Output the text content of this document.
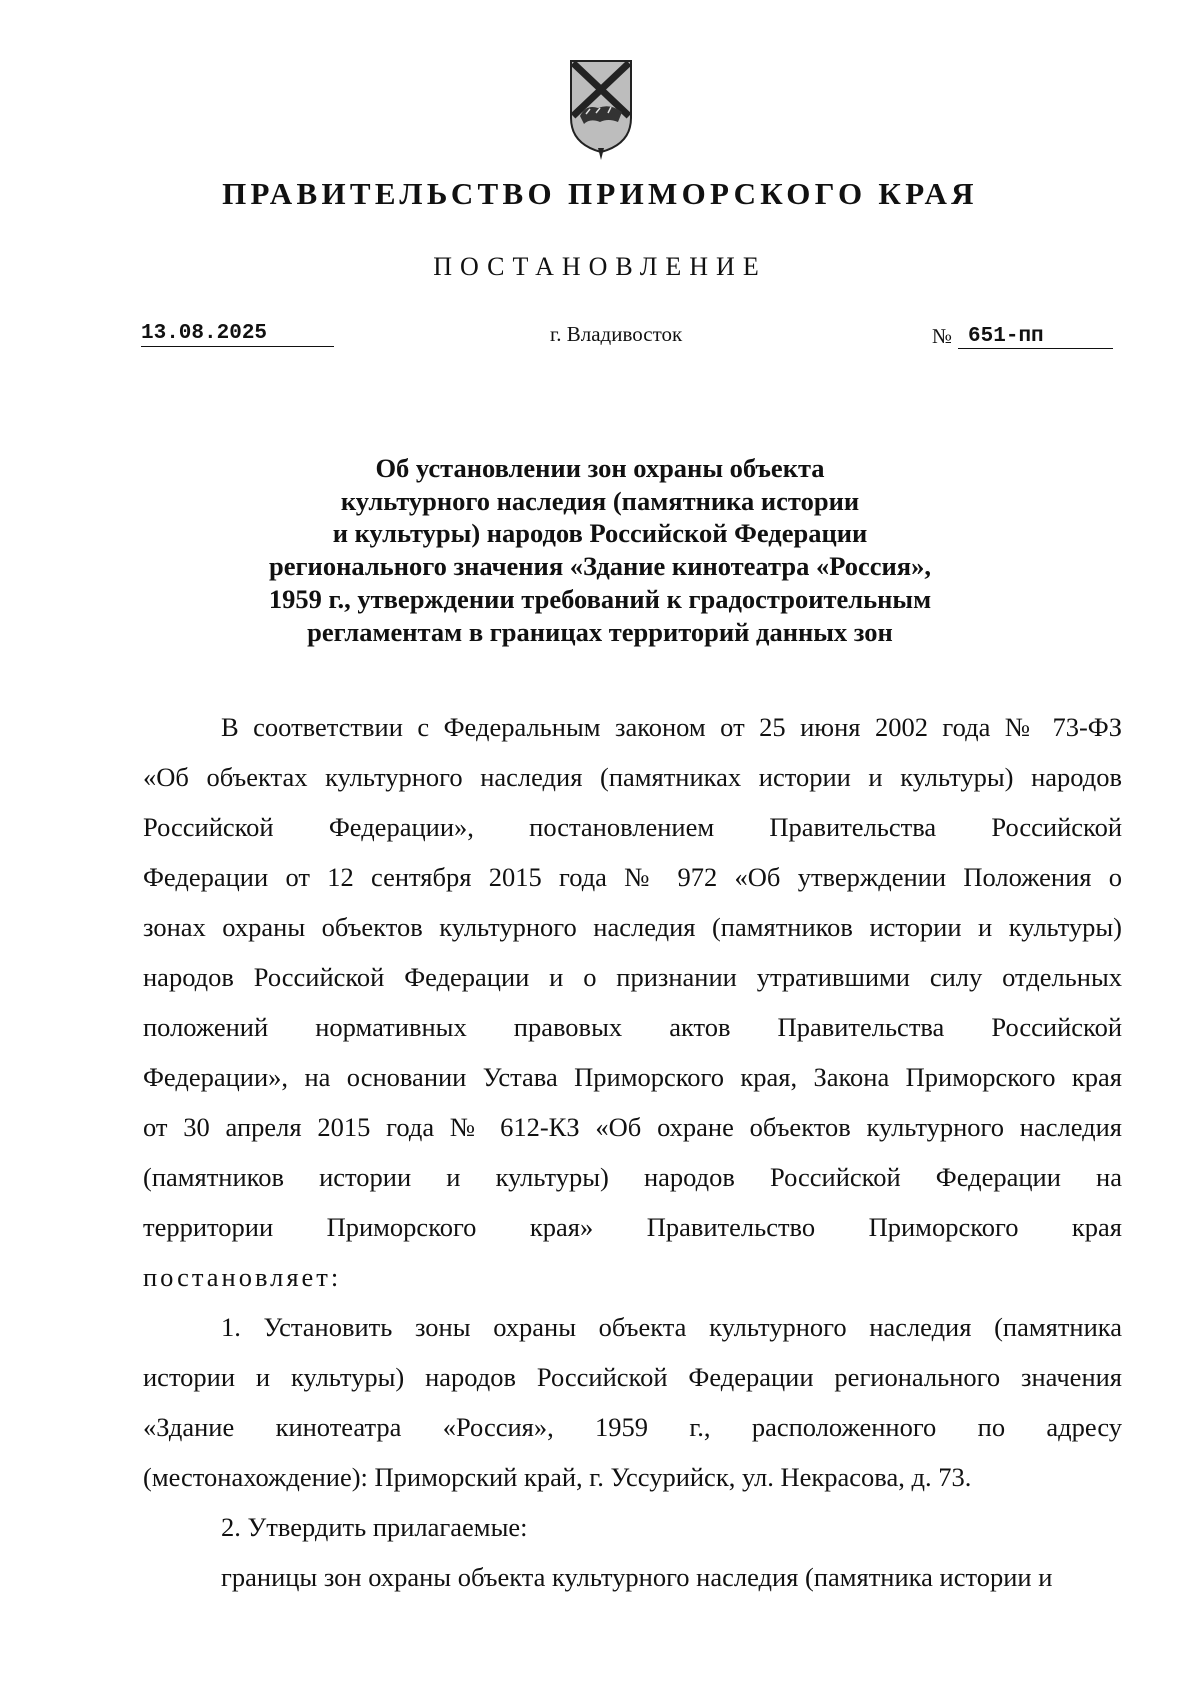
ПРАВИТЕЛЬСТВО ПРИМОРСКОГО КРАЯ
ПОСТАНОВЛЕНИЕ
13.08.2025	г. Владивосток	№ 651-пп
Об установлении зон охраны объекта
культурного наследия (памятника истории
и культуры) народов Российской Федерации
регионального значения «Здание кинотеатра «Россия»,
1959 г., утверждении требований к градостроительным
регламентам в границах территорий данных зон
В соответствии с Федеральным законом от 25 июня 2002 года № 73-ФЗ
«Об объектах культурного наследия (памятниках истории и культуры) народов
Российской Федерации», постановлением Правительства Российской
Федерации от 12 сентября 2015 года № 972 «Об утверждении Положения о
зонах охраны объектов культурного наследия (памятников истории и культуры)
народов Российской Федерации и о признании утратившими силу отдельных
положений нормативных правовых актов Правительства Российской
Федерации», на основании Устава Приморского края, Закона Приморского края
от 30 апреля 2015 года № 612-КЗ «Об охране объектов культурного наследия
(памятников истории и культуры) народов Российской Федерации на
территории Приморского края» Правительство Приморского края
постановляет:
1. Установить зоны охраны объекта культурного наследия (памятника
истории и культуры) народов Российской Федерации регионального значения
«Здание кинотеатра «Россия», 1959 г., расположенного по адресу
(местонахождение): Приморский край, г. Уссурийск, ул. Некрасова, д. 73.
2. Утвердить прилагаемые:
границы зон охраны объекта культурного наследия (памятника истории и
